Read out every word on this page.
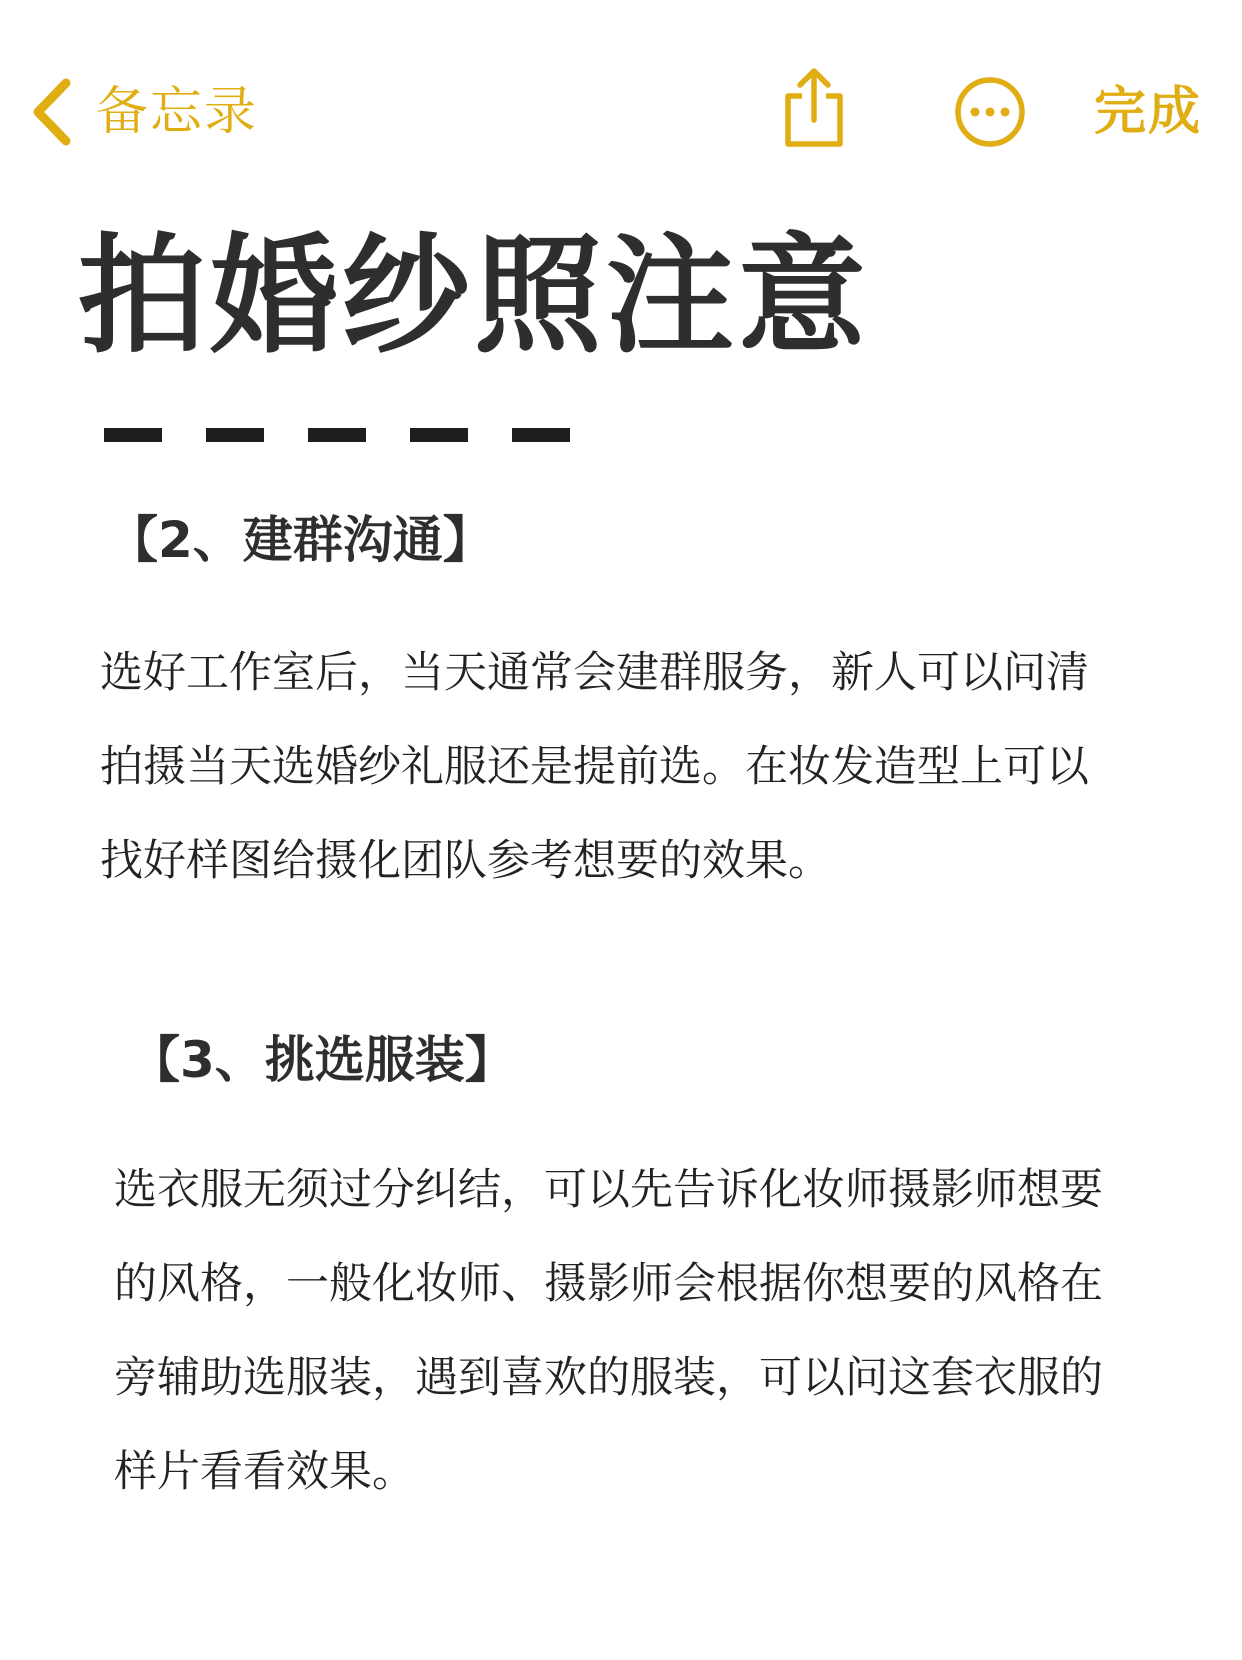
备忘录	完成
拍婚纱照注意
【2、建群沟通】
选好工作室后，当天通常会建群服务，新人可以问清
拍摄当天选婚纱礼服还是提前选。在妆发造型上可以
找好样图给摄化团队参考想要的效果。
【3、挑选服装】
选衣服无须过分纠结，可以先告诉化妆师摄影师想要
的风格，一般化妆师、摄影师会根据你想要的风格在
旁辅助选服装，遇到喜欢的服装，可以问这套衣服的
样片看看效果。
